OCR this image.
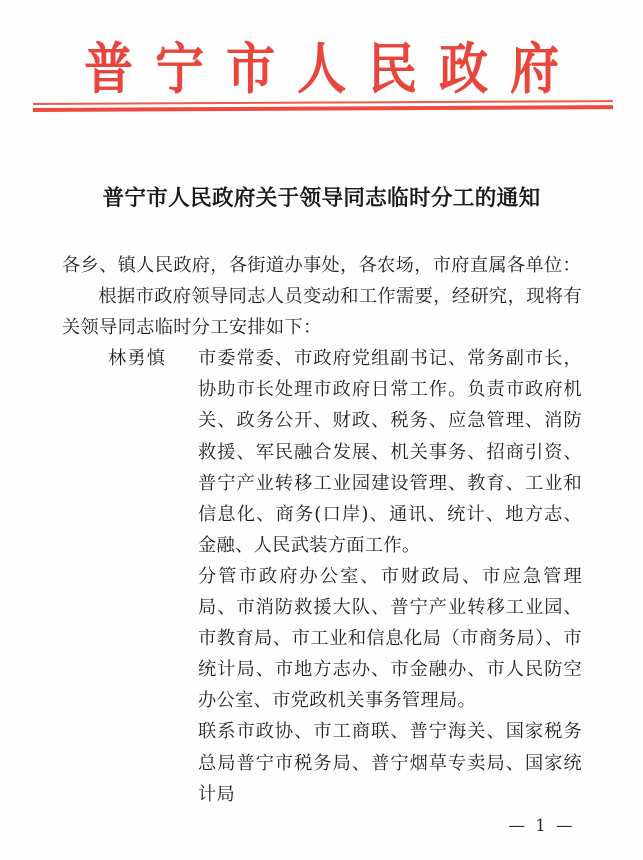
普宁市人民政府
普宁市人民政府关于领导同志临时分工的通知

各乡、镇人民政府，各街道办事处，各农场，市府直属各单位：

根据市政府领导同志人员变动和工作需要，经研究，现将有关领导同志临时分工安排如下：

林勇慎	市委常委、市政府党组副书记、常务副市长，协助市长处理市政府日常工作。负责市政府机关、政务公开、财政、税务、应急管理、消防救援、军民融合发展、机关事务、招商引资、普宁产业转移工业园建设管理、教育、工业和信息化、商务(口岸)、通讯、统计、地方志、金融、人民武装方面工作。

分管市政府办公室、市财政局、市应急管理局、市消防救援大队、普宁产业转移工业园、市教育局、市工业和信息化局（市商务局）、市统计局、市地方志办、市金融办、市人民防空办公室、市党政机关事务管理局。

联系市政协、市工商联、普宁海关、国家税务总局普宁市税务局、普宁烟草专卖局、国家统计局

— 1 —
